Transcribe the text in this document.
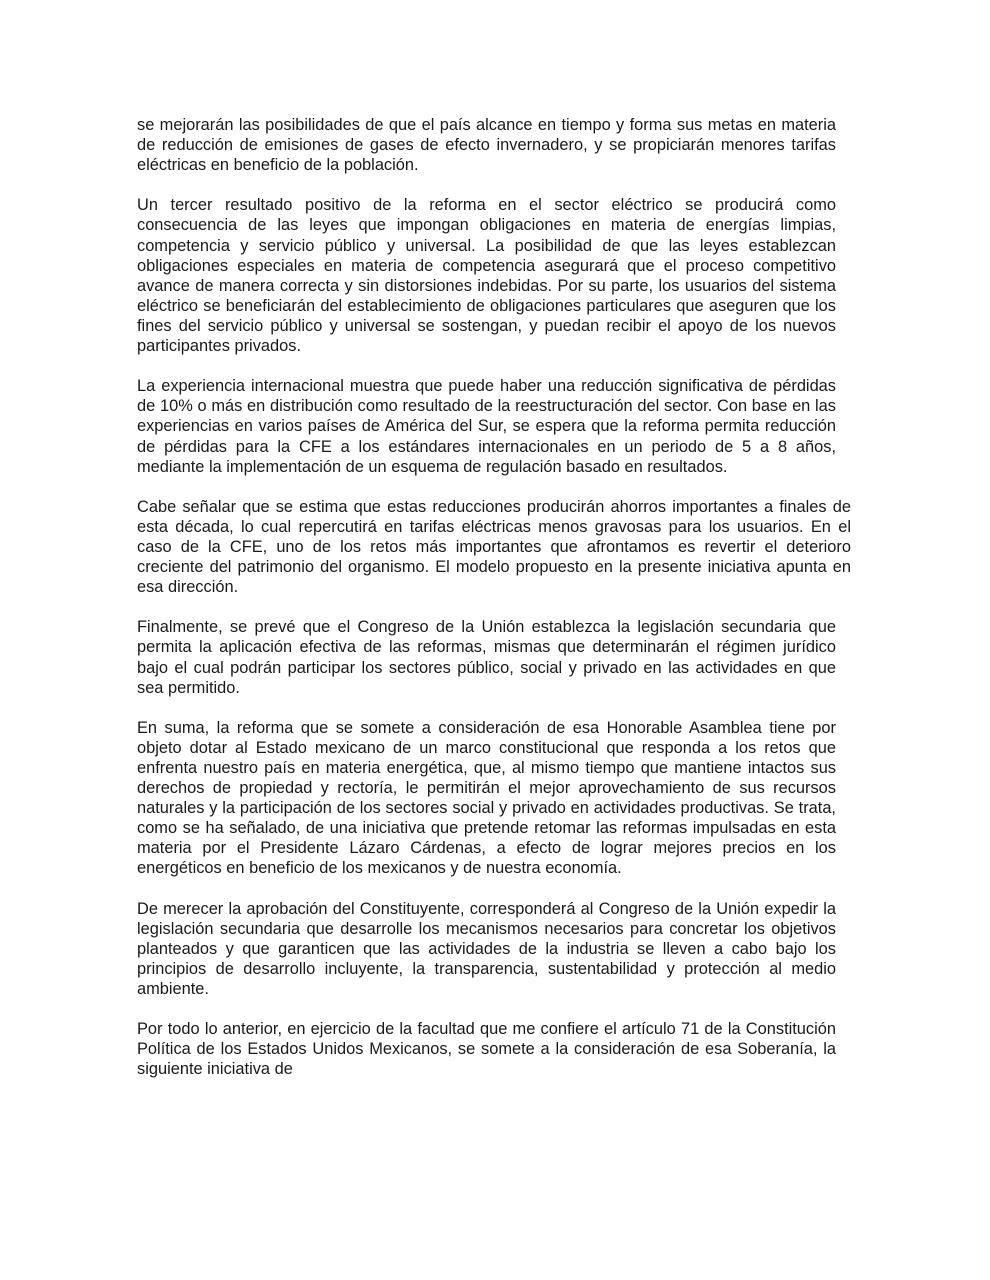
se mejorarán las posibilidades de que el país alcance en tiempo y forma sus metas en materia de reducción de emisiones de gases de efecto invernadero, y se propiciarán menores tarifas eléctricas en beneficio de la población.

Un tercer resultado positivo de la reforma en el sector eléctrico se producirá como consecuencia de las leyes que impongan obligaciones en materia de energías limpias, competencia y servicio público y universal. La posibilidad de que las leyes establezcan obligaciones especiales en materia de competencia asegurará que el proceso competitivo avance de manera correcta y sin distorsiones indebidas. Por su parte, los usuarios del sistema eléctrico se beneficiarán del establecimiento de obligaciones particulares que aseguren que los fines del servicio público y universal se sostengan, y puedan recibir el apoyo de los nuevos participantes privados.

La experiencia internacional muestra que puede haber una reducción significativa de pérdidas de 10% o más en distribución como resultado de la reestructuración del sector. Con base en las experiencias en varios países de América del Sur, se espera que la reforma permita reducción de pérdidas para la CFE a los estándares internacionales en un periodo de 5 a 8 años, mediante la implementación de un esquema de regulación basado en resultados.

Cabe señalar que se estima que estas reducciones producirán ahorros importantes a finales de esta década, lo cual repercutirá en tarifas eléctricas menos gravosas para los usuarios. En el caso de la CFE, uno de los retos más importantes que afrontamos es revertir el deterioro creciente del patrimonio del organismo. El modelo propuesto en la presente iniciativa apunta en esa dirección.

Finalmente, se prevé que el Congreso de la Unión establezca la legislación secundaria que permita la aplicación efectiva de las reformas, mismas que determinarán el régimen jurídico bajo el cual podrán participar los sectores público, social y privado en las actividades en que sea permitido.

En suma, la reforma que se somete a consideración de esa Honorable Asamblea tiene por objeto dotar al Estado mexicano de un marco constitucional que responda a los retos que enfrenta nuestro país en materia energética, que, al mismo tiempo que mantiene intactos sus derechos de propiedad y rectoría, le permitirán el mejor aprovechamiento de sus recursos naturales y la participación de los sectores social y privado en actividades productivas. Se trata, como se ha señalado, de una iniciativa que pretende retomar las reformas impulsadas en esta materia por el Presidente Lázaro Cárdenas, a efecto de lograr mejores precios en los energéticos en beneficio de los mexicanos y de nuestra economía.

De merecer la aprobación del Constituyente, corresponderá al Congreso de la Unión expedir la legislación secundaria que desarrolle los mecanismos necesarios para concretar los objetivos planteados y que garanticen que las actividades de la industria se lleven a cabo bajo los principios de desarrollo incluyente, la transparencia, sustentabilidad y protección al medio ambiente.

Por todo lo anterior, en ejercicio de la facultad que me confiere el artículo 71 de la Constitución Política de los Estados Unidos Mexicanos, se somete a la consideración de esa Soberanía, la siguiente iniciativa de
